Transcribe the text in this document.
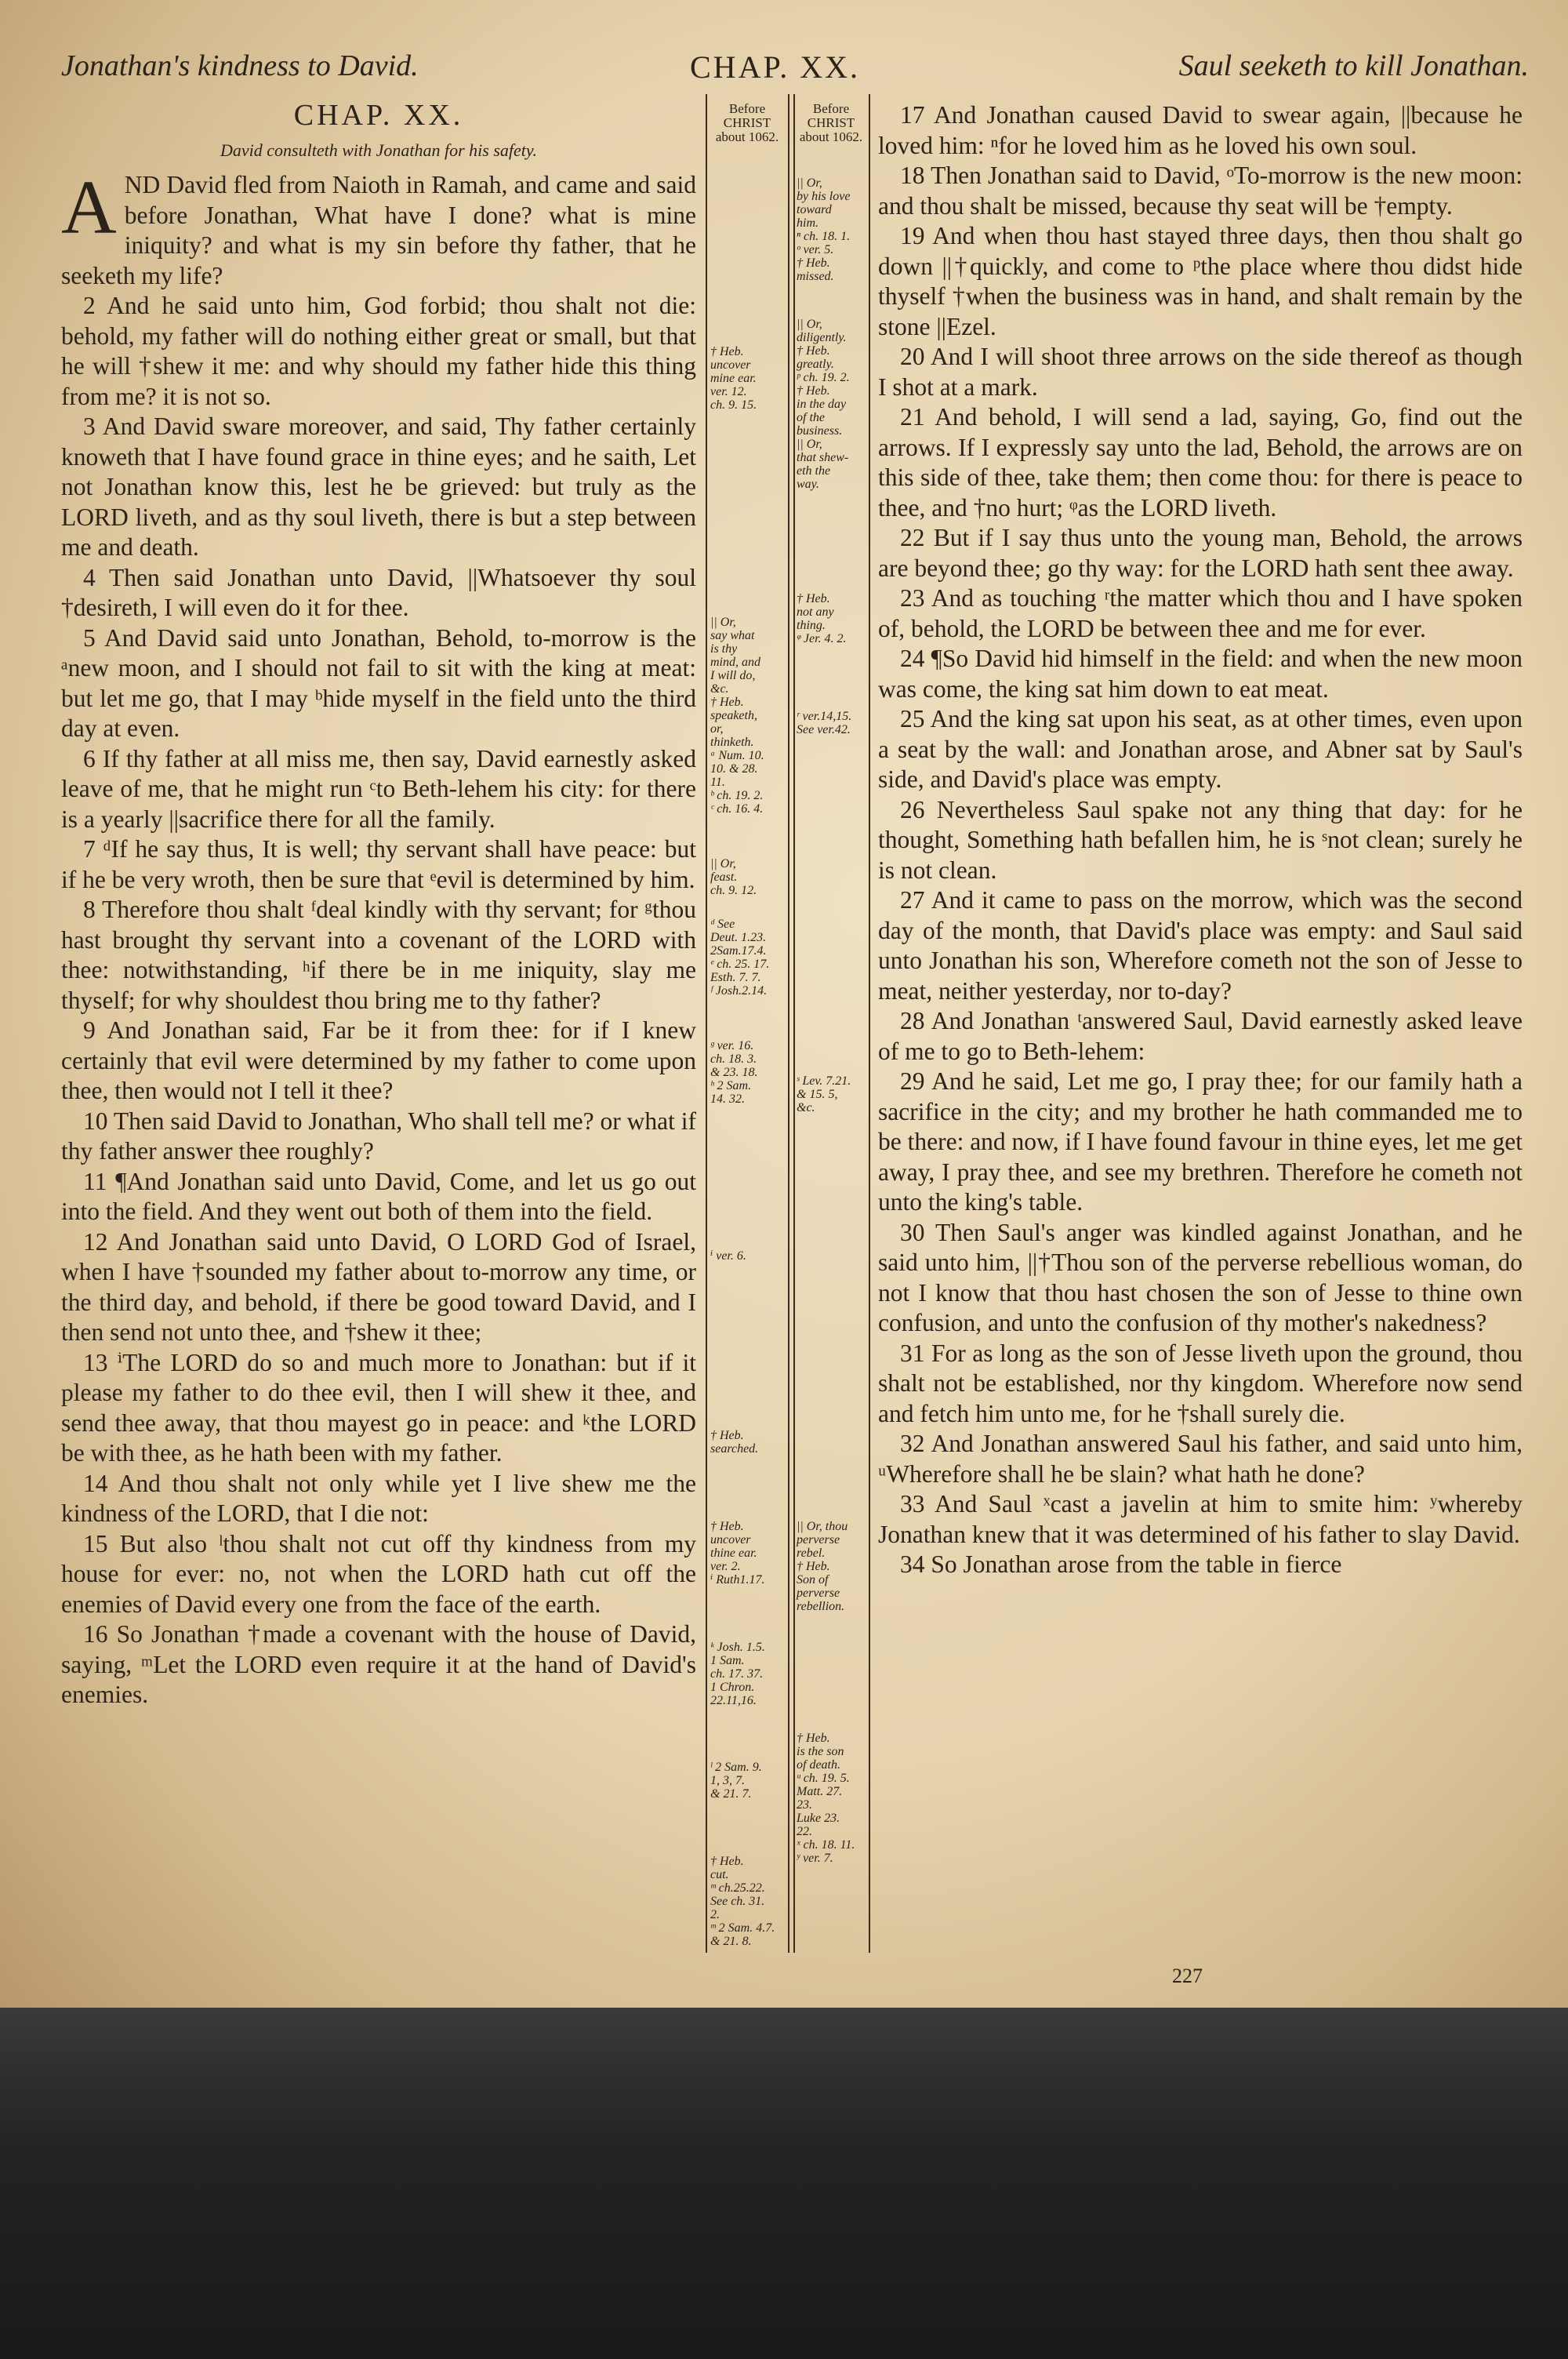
Jonathan's kindness to David.	CHAP. XX.	Saul seeketh to kill Jonathan.
CHAP. XX.
David consulteth with Jonathan for his safety.
A ND David fled from Naioth in Ramah, and came and said before Jonathan, What have I done? what is mine iniquity? and what is my sin before thy father, that he seeketh my life?

2 And he said unto him, God forbid; thou shalt not die: behold, my father will do nothing either great or small, but that he will †shew it me: and why should my father hide this thing from me? it is not so.

3 And David sware moreover, and said, Thy father certainly knoweth that I have found grace in thine eyes; and he saith, Let not Jonathan know this, lest he be grieved: but truly as the LORD liveth, and as thy soul liveth, there is but a step between me and death.

4 Then said Jonathan unto David, ||Whatsoever thy soul †desireth, I will even do it for thee.

5 And David said unto Jonathan, Behold, to-morrow is the ᵃnew moon, and I should not fail to sit with the king at meat: but let me go, that I may ᵇhide myself in the field unto the third day at even.

6 If thy father at all miss me, then say, David earnestly asked leave of me, that he might run ᶜto Beth-lehem his city: for there is a yearly ||sacrifice there for all the family.

7 ᵈIf he say thus, It is well; thy servant shall have peace: but if he be very wroth, then be sure that ᵉevil is determined by him.

8 Therefore thou shalt ᶠdeal kindly with thy servant; for ᵍthou hast brought thy servant into a covenant of the LORD with thee: notwithstanding, ʰif there be in me iniquity, slay me thyself; for why shouldest thou bring me to thy father?

9 And Jonathan said, Far be it from thee: for if I knew certainly that evil were determined by my father to come upon thee, then would not I tell it thee?

10 Then said David to Jonathan, Who shall tell me? or what if thy father answer thee roughly?

11 ¶And Jonathan said unto David, Come, and let us go out into the field. And they went out both of them into the field.

12 And Jonathan said unto David, O LORD God of Israel, when I have †sounded my father about to-morrow any time, or the third day, and behold, if there be good toward David, and I then send not unto thee, and †shew it thee;

13 ⁱThe LORD do so and much more to Jonathan: but if it please my father to do thee evil, then I will shew it thee, and send thee away, that thou mayest go in peace: and ᵏthe LORD be with thee, as he hath been with my father.

14 And thou shalt not only while yet I live shew me the kindness of the LORD, that I die not:

15 But also ˡthou shalt not cut off thy kindness from my house for ever: no, not when the LORD hath cut off the enemies of David every one from the face of the earth.

16 So Jonathan †made a covenant with the house of David, saying, ᵐLet the LORD even require it at the hand of David's enemies.

Before CHRIST about 1062.
Before CHRIST about 1062.
† Heb.
uncover
mine ear.
ver. 12.
ch. 9. 15.
|| Or,
say what
is thy
mind, and
I will do,
&c.
† Heb.
speaketh,
or,
thinketh.
ᵃ Num. 10.
10. & 28.
11.
ᵇ ch. 19. 2.
ᶜ ch. 16. 4.
|| Or,
feast.
ch. 9. 12.
ᵈ See
Deut. 1.23.
2Sam.17.4.
ᵉ ch. 25. 17.
Esth. 7. 7.
ᶠ Josh.2.14.
ᵍ ver. 16.
ch. 18. 3.
& 23. 18.
ʰ 2 Sam.
14. 32.
ⁱ ver. 6.
† Heb.
searched.
† Heb.
uncover
thine ear.
ver. 2.
ⁱ Ruth1.17.
ᵏ Josh. 1.5.
1 Sam.
ch. 17. 37.
1 Chron.
22.11,16.
ˡ 2 Sam. 9.
1, 3, 7.
& 21. 7.
† Heb.
cut.
ᵐ ch.25.22.
See ch. 31.
2.
ᵐ 2 Sam. 4.7.
& 21. 8.
|| Or,
by his love
toward
him.
ⁿ ch. 18. 1.
ᵒ ver. 5.
† Heb.
missed.
|| Or,
diligently.
† Heb.
greatly.
ᵖ ch. 19. 2.
† Heb.
in the day
of the
business.
|| Or,
that shew-
eth the
way.
† Heb.
not any
thing.
ᵠ Jer. 4. 2.
ʳ ver.14,15.
See ver.42.
ˢ Lev. 7.21.
& 15. 5,
&c.
|| Or, thou
perverse
rebel.
† Heb.
Son of
perverse
rebellion.
† Heb.
is the son
of death.
ᵘ ch. 19. 5.
Matt. 27.
23.
Luke 23.
22.
ˣ ch. 18. 11.
ʸ ver. 7.

17 And Jonathan caused David to swear again, ||because he loved him: ⁿfor he loved him as he loved his own soul.

18 Then Jonathan said to David, ᵒTo-morrow is the new moon: and thou shalt be missed, because thy seat will be †empty.

19 And when thou hast stayed three days, then thou shalt go down ||†quickly, and come to ᵖthe place where thou didst hide thyself †when the business was in hand, and shalt remain by the stone ||Ezel.

20 And I will shoot three arrows on the side thereof as though I shot at a mark.

21 And behold, I will send a lad, saying, Go, find out the arrows. If I expressly say unto the lad, Behold, the arrows are on this side of thee, take them; then come thou: for there is peace to thee, and †no hurt; ᵠas the LORD liveth.

22 But if I say thus unto the young man, Behold, the arrows are beyond thee; go thy way: for the LORD hath sent thee away.

23 And as touching ʳthe matter which thou and I have spoken of, behold, the LORD be between thee and me for ever.

24 ¶So David hid himself in the field: and when the new moon was come, the king sat him down to eat meat.

25 And the king sat upon his seat, as at other times, even upon a seat by the wall: and Jonathan arose, and Abner sat by Saul's side, and David's place was empty.

26 Nevertheless Saul spake not any thing that day: for he thought, Something hath befallen him, he is ˢnot clean; surely he is not clean.

27 And it came to pass on the morrow, which was the second day of the month, that David's place was empty: and Saul said unto Jonathan his son, Wherefore cometh not the son of Jesse to meat, neither yesterday, nor to-day?

28 And Jonathan ᵗanswered Saul, David earnestly asked leave of me to go to Beth-lehem:

29 And he said, Let me go, I pray thee; for our family hath a sacrifice in the city; and my brother he hath commanded me to be there: and now, if I have found favour in thine eyes, let me get away, I pray thee, and see my brethren. Therefore he cometh not unto the king's table.

30 Then Saul's anger was kindled against Jonathan, and he said unto him, ||†Thou son of the perverse rebellious woman, do not I know that thou hast chosen the son of Jesse to thine own confusion, and unto the confusion of thy mother's nakedness?

31 For as long as the son of Jesse liveth upon the ground, thou shalt not be established, nor thy kingdom. Wherefore now send and fetch him unto me, for he †shall surely die.

32 And Jonathan answered Saul his father, and said unto him, ᵘWherefore shall he be slain? what hath he done?

33 And Saul ˣcast a javelin at him to smite him: ʸwhereby Jonathan knew that it was determined of his father to slay David.

34 So Jonathan arose from the table in fierce

227
